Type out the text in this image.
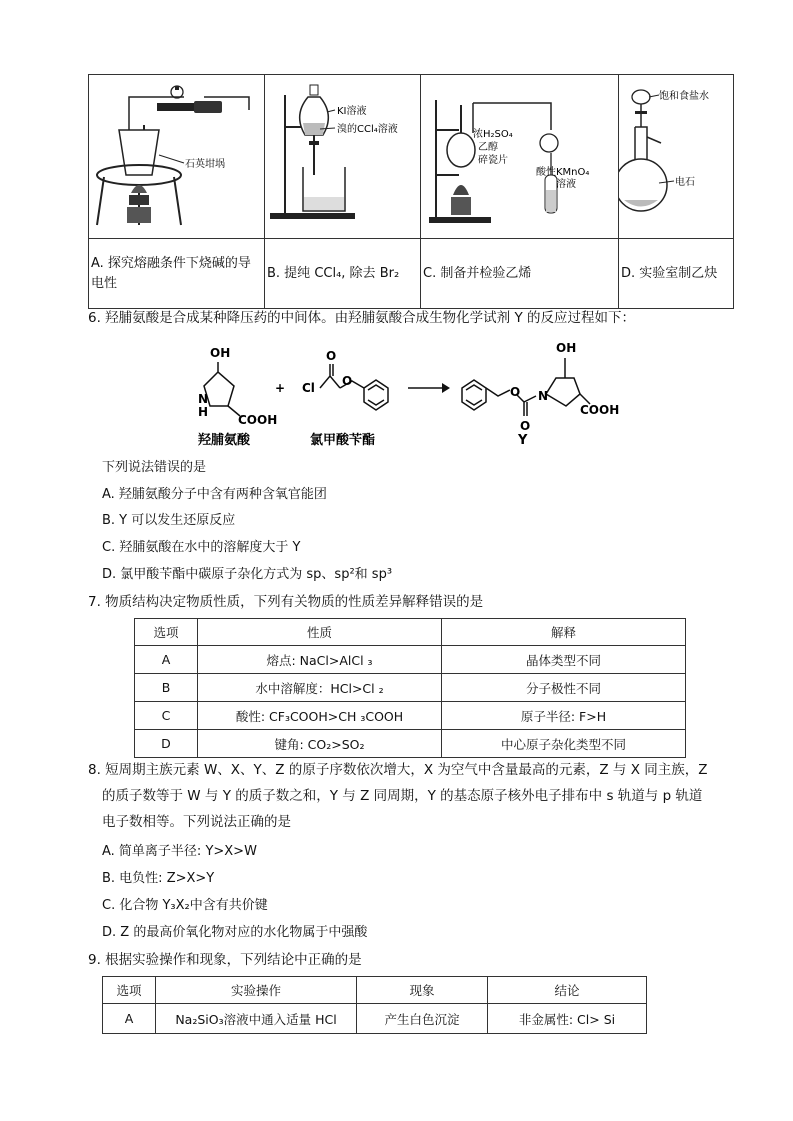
石英坩埚	KI溶液
溴的CCl₄溶液	浓H₂SO₄
乙醇
碎瓷片
酸性KMnO₄
溶液	饱和食盐水
电石

A. 探究熔融条件下烧碱的导电性	B. 提纯 CCl₄, 除去 Br₂	C. 制备并检验乙烯	D. 实验室制乙炔
6. 羟脯氨酸是合成某种降压药的中间体。由羟脯氨酸合成生物化学试剂 Y 的反应过程如下：
OH
N
H
COOH
+
O
Cl O
O N
O
OH
COOH
羟脯氨酸	氯甲酸苄酯	Y
下列说法错误的是
A. 羟脯氨酸分子中含有两种含氧官能团
B. Y 可以发生还原反应
C. 羟脯氨酸在水中的溶解度大于 Y
D. 氯甲酸苄酯中碳原子杂化方式为 sp、sp²和 sp³
7. 物质结构决定物质性质，下列有关物质的性质差异解释错误的是
选项	性质	解释
A	熔点: NaCl>AlCl ₃	晶体类型不同
B	水中溶解度：HCl>Cl ₂	分子极性不同
C	酸性: CF₃COOH>CH ₃COOH	原子半径: F>H
D	键角: CO₂>SO₂	中心原子杂化类型不同
8. 短周期主族元素 W、X、Y、Z 的原子序数依次增大，X 为空气中含量最高的元素，Z 与 X 同主族，Z
的质子数等于 W 与 Y 的质子数之和，Y 与 Z 同周期，Y 的基态原子核外电子排布中 s 轨道与 p 轨道
电子数相等。下列说法正确的是
A. 简单离子半径: Y>X>W
B. 电负性: Z>X>Y
C. 化合物 Y₃X₂中含有共价键
D. Z 的最高价氧化物对应的水化物属于中强酸
9. 根据实验操作和现象，下列结论中正确的是
选项	实验操作	现象	结论
A	Na₂SiO₃溶液中通入适量 HCl	产生白色沉淀	非金属性: Cl> Si
